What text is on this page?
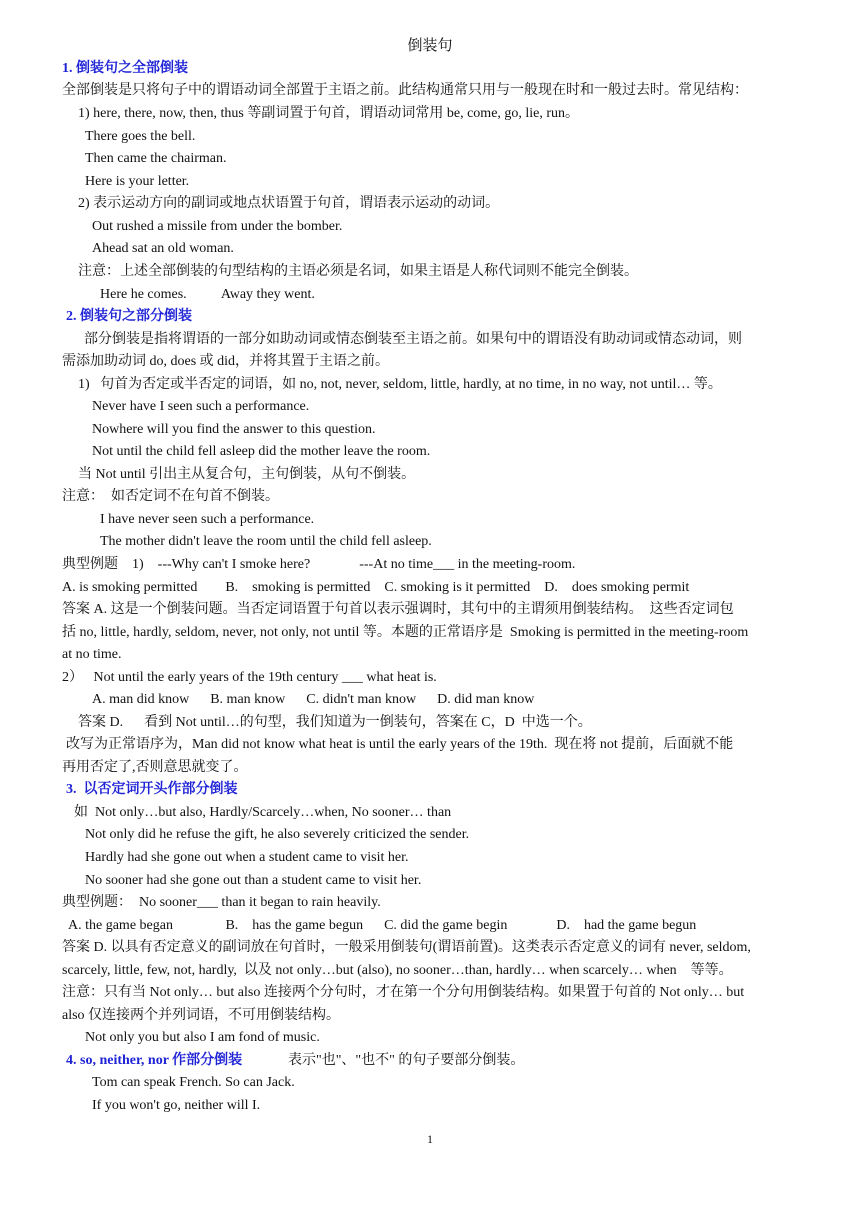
倒装句
1. 倒装句之全部倒装
全部倒装是只将句子中的谓语动词全部置于主语之前。此结构通常只用与一般现在时和一般过去时。常见结构：
1) here, there, now, then, thus 等副词置于句首，谓语动词常用 be, come, go, lie, run。
There goes the bell.
Then came the chairman.
Here is your letter.
2) 表示运动方向的副词或地点状语置于句首，谓语表示运动的动词。
Out rushed a missile from under the bomber.
Ahead sat an old woman.
注意：上述全部倒装的句型结构的主语必须是名词，如果主语是人称代词则不能完全倒装。
Here he comes.          Away they went.
2. 倒装句之部分倒装
部分倒装是指将谓语的一部分如助动词或情态倒装至主语之前。如果句中的谓语没有助动词或情态动词，则
需添加助动词 do, does 或 did，并将其置于主语之前。
1)   句首为否定或半否定的词语，如 no, not, never, seldom, little, hardly, at no time, in no way, not until… 等。
Never have I seen such a performance.
Nowhere will you find the answer to this question.
Not until the child fell asleep did the mother leave the room.
当 Not until 引出主从复合句，主句倒装，从句不倒装。
注意：  如否定词不在句首不倒装。
I have never seen such a performance.
The mother didn't leave the room until the child fell asleep.
典型例题    1)    ---Why can't I smoke here?              ---At no time___ in the meeting-room.
A. is smoking permitted        B.    smoking is permitted    C. smoking is it permitted    D.    does smoking permit
答案 A. 这是一个倒装问题。当否定词语置于句首以表示强调时，其句中的主谓须用倒装结构。  这些否定词包
括 no, little, hardly, seldom, never, not only, not until 等。本题的正常语序是  Smoking is permitted in the meeting-room
at no time.
2）   Not until the early years of the 19th century ___ what heat is.
A. man did know      B. man know      C. didn't man know      D. did man know
答案 D.      看到 Not until…的句型，我们知道为一倒装句，答案在 C，D  中选一个。
改写为正常语序为，Man did not know what heat is until the early years of the 19th.  现在将 not 提前，后面就不能
再用否定了,否则意思就变了。
3.  以否定词开头作部分倒装
如  Not only…but also, Hardly/Scarcely…when, No sooner… than
Not only did he refuse the gift, he also severely criticized the sender.
Hardly had she gone out when a student came to visit her.
No sooner had she gone out than a student came to visit her.
典型例题：  No sooner___ than it began to rain heavily.
A. the game began               B.    has the game begun      C. did the game begin              D.    had the game begun
答案 D. 以具有否定意义的副词放在句首时，一般采用倒装句(谓语前置)。这类表示否定意义的词有 never, seldom,
scarcely, little, few, not, hardly,  以及 not only…but (also), no sooner…than, hardly… when scarcely… when    等等。
注意：只有当 Not only… but also 连接两个分句时，才在第一个分句用倒装结构。如果置于句首的 Not only… but
also 仅连接两个并列词语，不可用倒装结构。
Not only you but also I am fond of music.
4. so, neither, nor 作部分倒装	表示"也"、"也不" 的句子要部分倒装。
Tom can speak French. So can Jack.
If you won't go, neither will I.
1
